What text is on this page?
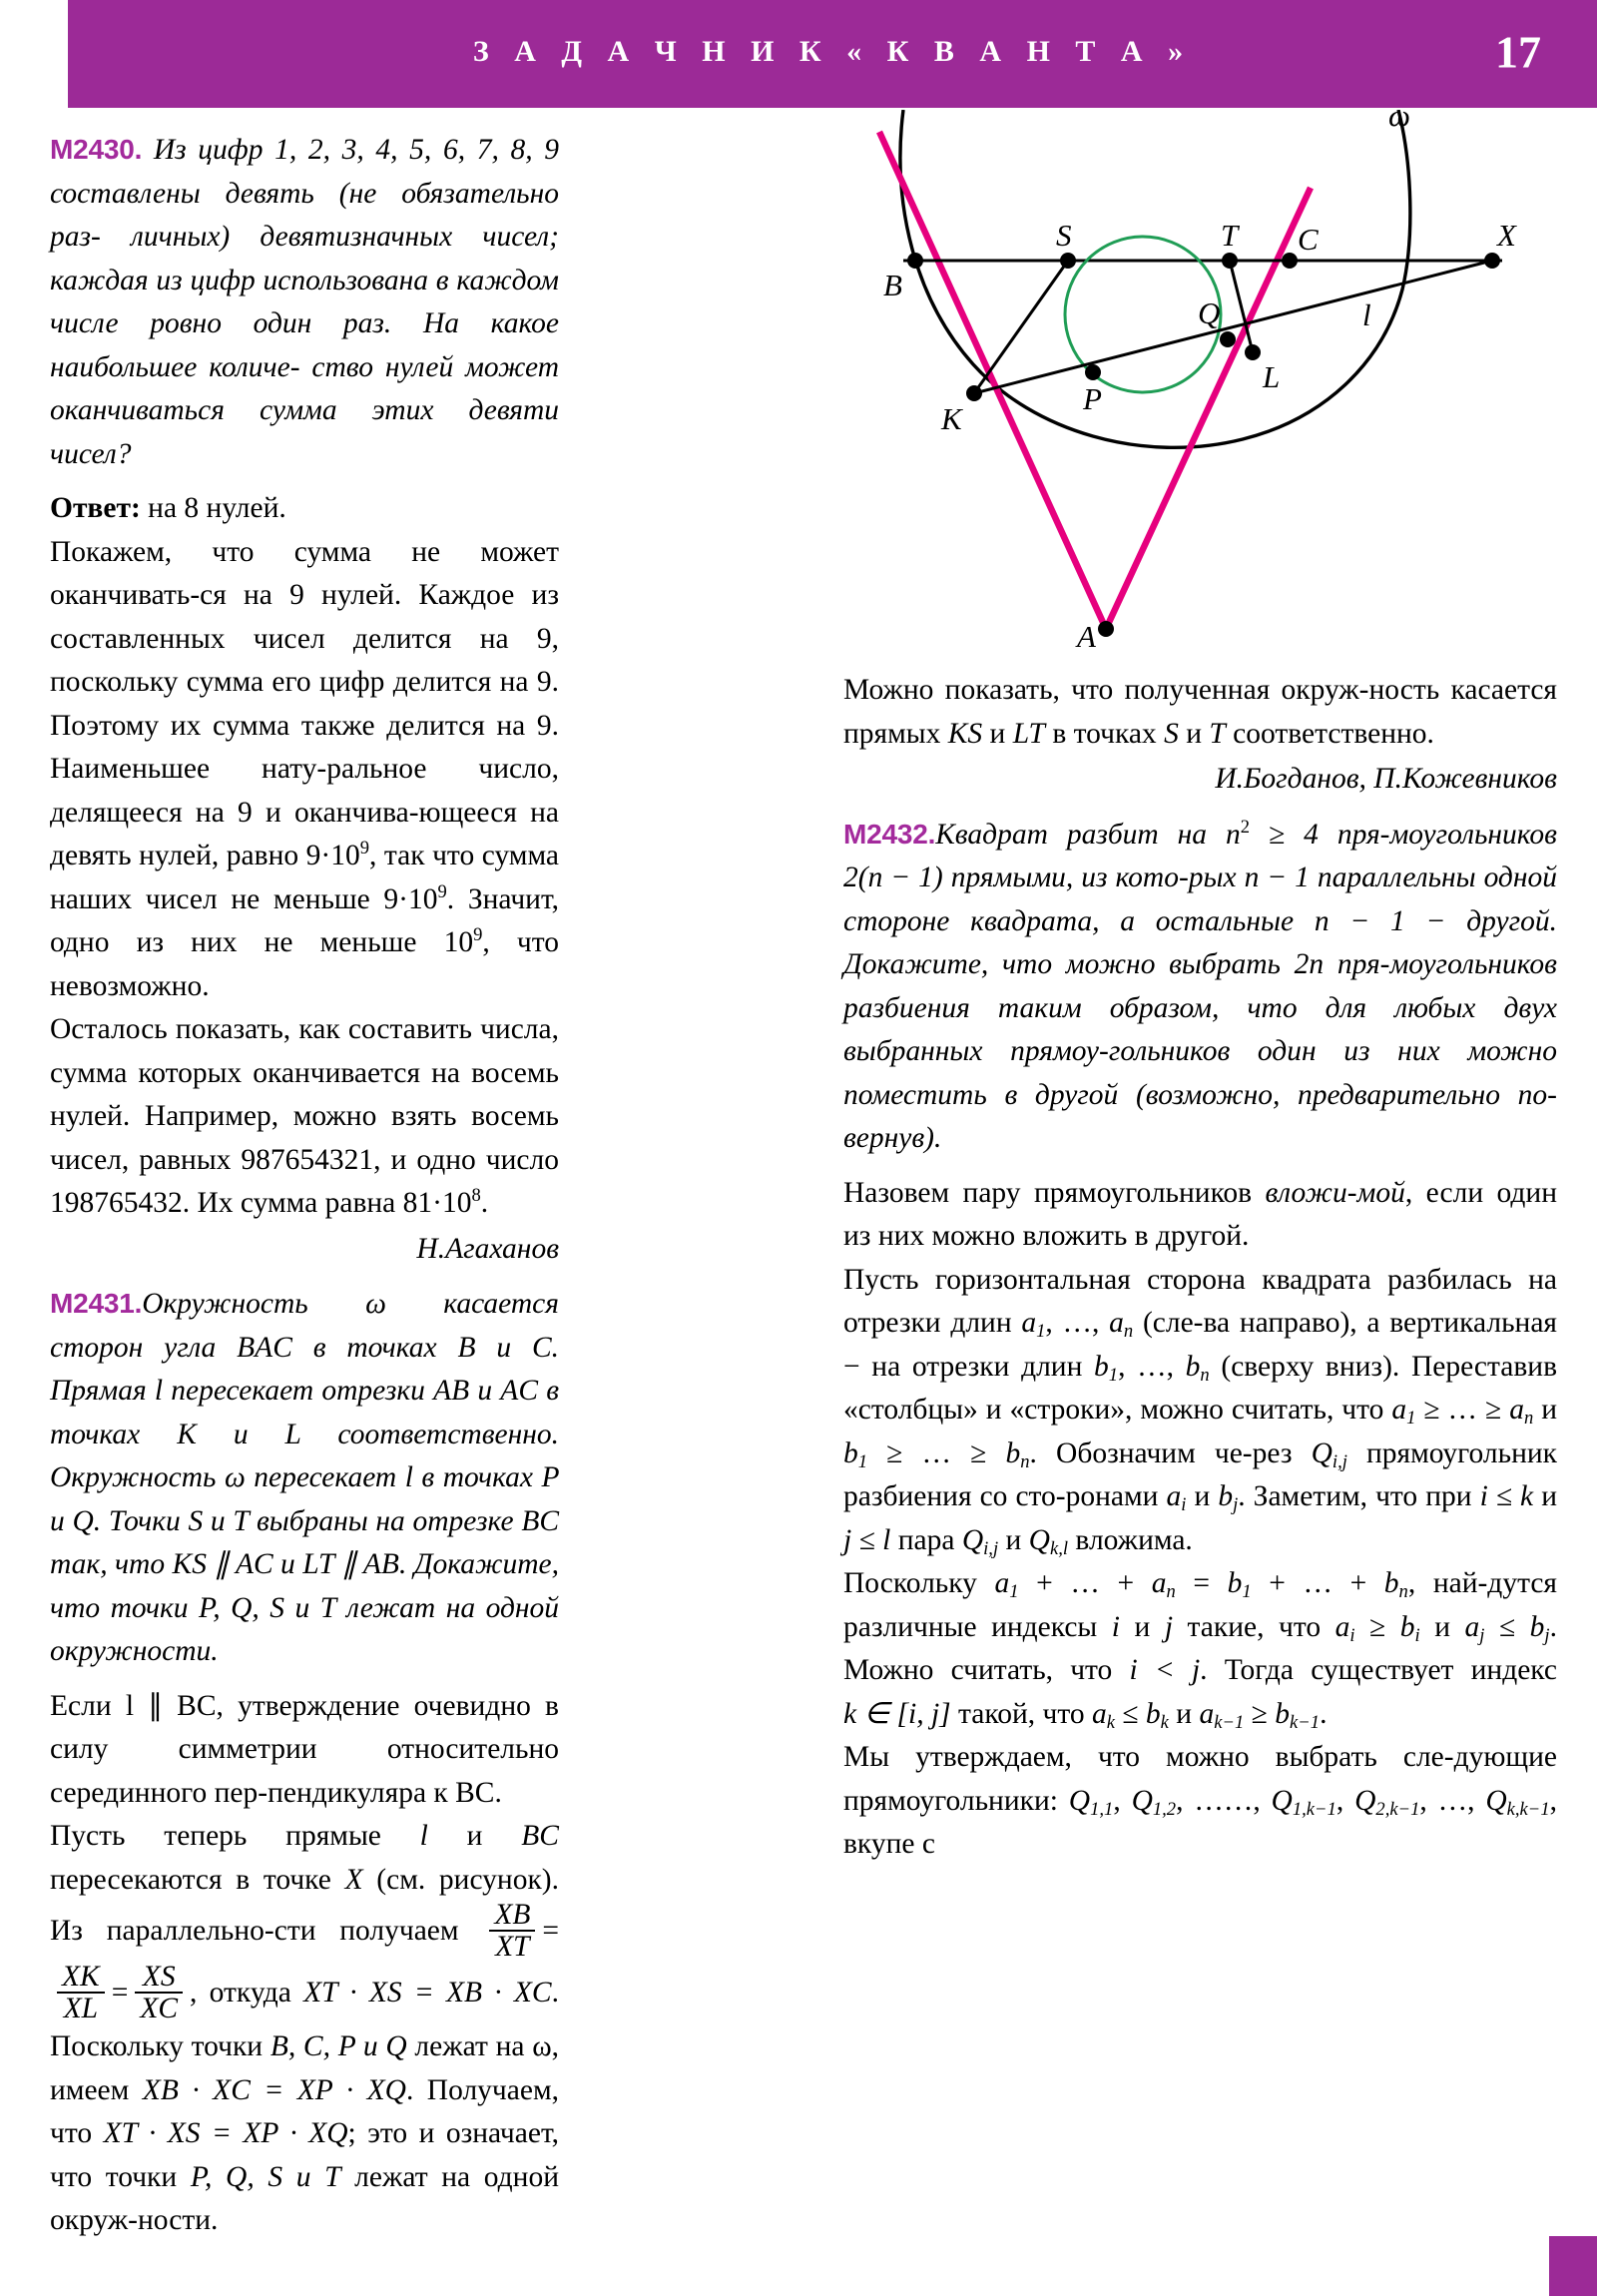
З А Д А Ч Н И К « К В А Н Т А »	17
ω
B
S	T C	X
Q
L
K
P
l
A

M2430. Из цифр 1, 2, 3, 4, 5, 6, 7, 8, 9 составлены девять (не обязательно раз- личных) девятизначных чисел; каждая из цифр использована в каждом числе ровно один раз. На какое наибольшее количе- ство нулей может оканчиваться сумма этих девяти чисел?

Ответ: на 8 нулей.

Покажем, что сумма не может оканчивать-ся на 9 нулей. Каждое из составленных чисел делится на 9, поскольку сумма его цифр делится на 9. Поэтому их сумма также делится на 9. Наименьшее нату-ральное число, делящееся на 9 и оканчива-ющееся на девять нулей, равно $9\cdot 10^9$, так что сумма наших чисел не меньше $9\cdot 10^9$. Значит, одно из них не меньше $10^9$, что невозможно.

Осталось показать, как составить числа, сумма которых оканчивается на восемь нулей. Например, можно взять восемь чисел, равных 987654321, и одно число 198765432. Их сумма равна $81\cdot 10^8$.

Н.Агаханов

M2431.Окружность ω касается сторон угла BAC в точках B и C. Прямая l пересекает отрезки AB и AC в точках K и L соответственно. Окружность ω пересекает l в точках P и Q. Точки S и T выбраны на отрезке BC так, что KS ∥ AC и LT ∥ AB. Докажите, что точки P, Q, S и T лежат на одной окружности.

Если l ∥ BC, утверждение очевидно в силу симметрии относительно серединного пер-пендикуляра к BC.

Пусть теперь прямые l и BC пересекаются в точке X (см. рисунок). Из параллельно-сти получаем $\frac{XB}{XT}$ =
$\frac{XK}{XL} = \frac{XS}{XC}$ , откуда XT · XS = XB · XC. Поскольку точки B, C, P и Q лежат на ω, имеем XB · XC = XP · XQ. Получаем, что XT · XS = XP · XQ; это и означает, что точки P, Q, S и T лежат на одной окруж-ности.

Можно показать, что полученная окруж-ность касается прямых KS и LT в точках S и T соответственно.

И.Богданов, П.Кожевников

M2432.Квадрат разбит на $n^2 \ge 4$ пря-моугольников 2(n − 1) прямыми, из кото-рых n − 1 параллельны одной стороне квадрата, а остальные n − 1 − другой. Докажите, что можно выбрать 2n пря-моугольников разбиения таким образом, что для любых двух выбранных прямоу-гольников один из них можно поместить в другой (возможно, предварительно по-вернув).

Назовем пару прямоугольников вложи-мой, если один из них можно вложить в другой.

Пусть горизонтальная сторона квадрата разбилась на отрезки длин $a_1$, …, $a_n$ (сле-ва направо), а вертикальная − на отрезки длин $b_1$, …, $b_n$ (сверху вниз). Переставив «столбцы» и «строки», можно считать, что $a_1$ ≥ … ≥ $a_n$ и $b_1$ ≥ … ≥ $b_n$. Обозначим че-рез $Q_{i,j}$ прямоугольник разбиения со сто-ронами $a_i$ и $b_j$. Заметим, что при i ≤ k и j ≤ l пара $Q_{i,j}$ и $Q_{k,l}$ вложима.

Поскольку $a_1$ + … + $a_n = b_1$ + … + $b_n$, най-дутся различные индексы i и j такие, что $a_i \ge b_i$ и $a_j \le b_j$. Можно считать, что i < j. Тогда существует индекс k ∈ [i, j] такой, что $a_k \le b_k$ и $a_{k-1} \ge b_{k-1}$.

Мы утверждаем, что можно выбрать сле-дующие прямоугольники: $Q_{1,1}$, $Q_{1,2}$, ……, $Q_{1,k-1}$, $Q_{2,k-1}$, …, $Q_{k,k-1}$, вкупе с
